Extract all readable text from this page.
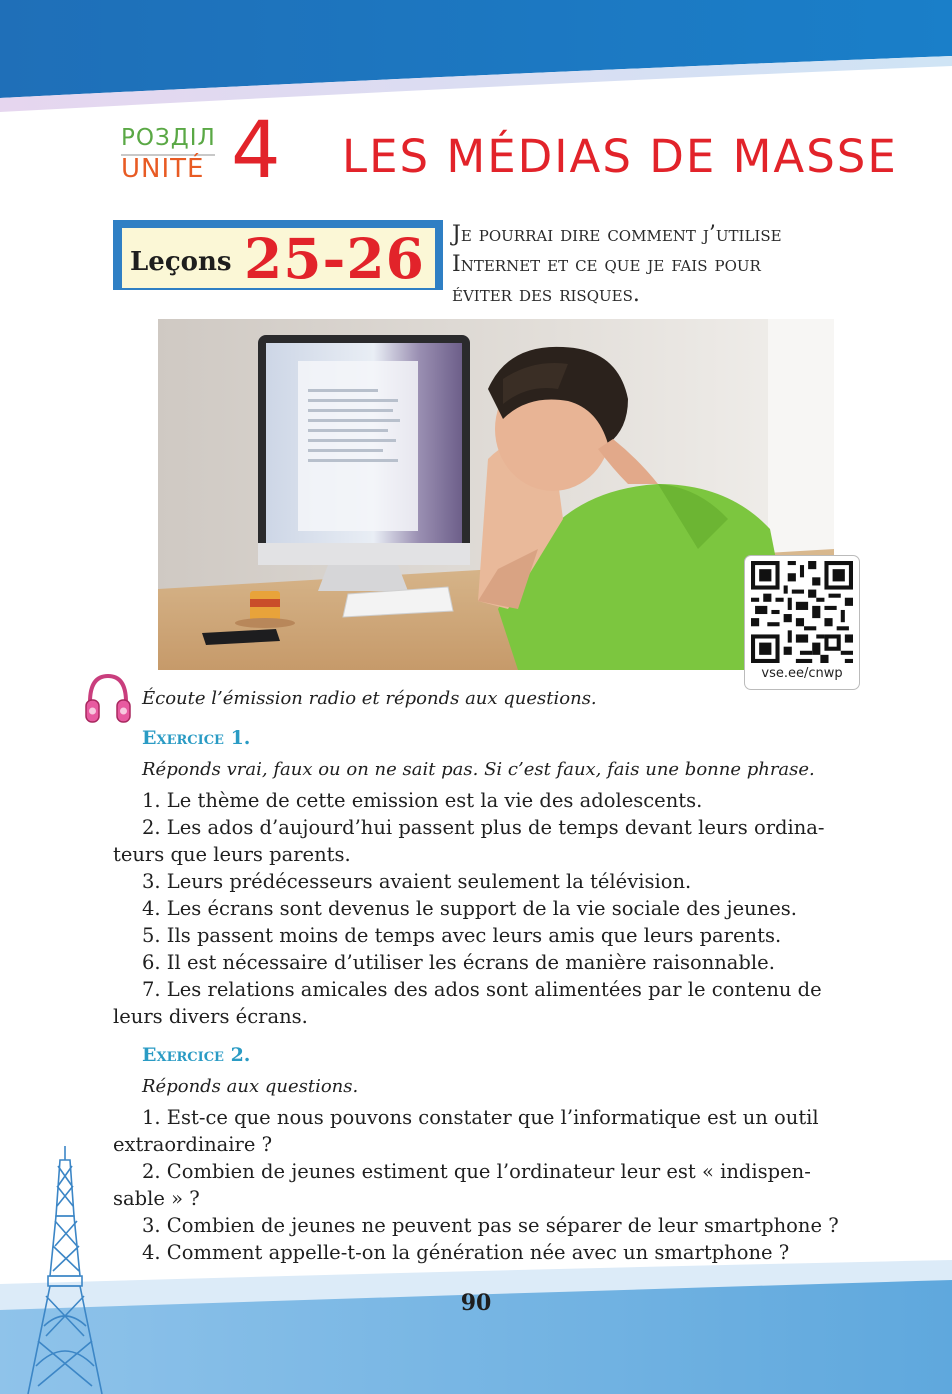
РОЗДІЛ
UNITÉ 4 LES MÉDIAS DE MASSE
Leçons 25-26 Je pourrai dire comment j’utilise
Internet et ce que je fais pour
éviter des risques.
vse.ee/cnwp
Écoute l’émission radio et réponds aux questions.
Exercice 1.
Réponds vrai, faux ou on ne sait pas. Si c’est faux, fais une bonne phrase.
1. Le thème de cette emission est la vie des adolescents.
2. Les ados d’aujourd’hui passent plus de temps devant leurs ordina-
teurs que leurs parents.
3. Leurs prédécesseurs avaient seulement la télévision.
4. Les écrans sont devenus le support de la vie sociale des jeunes.
5. Ils passent moins de temps avec leurs amis que leurs parents.
6. Il est nécessaire d’utiliser les écrans de manière raisonnable.
7. Les relations amicales des ados sont alimentées par le contenu de
leurs divers écrans.
Exercice 2.
Réponds aux questions.
1. Est-ce que nous pouvons constater que l’informatique est un outil
extraordinaire ?
2. Combien de jeunes estiment que l’ordinateur leur est « indispen-
sable » ?
3. Combien de jeunes ne peuvent pas se séparer de leur smartphone ?
4. Comment appelle-t-on la génération née avec un smartphone ?
90
